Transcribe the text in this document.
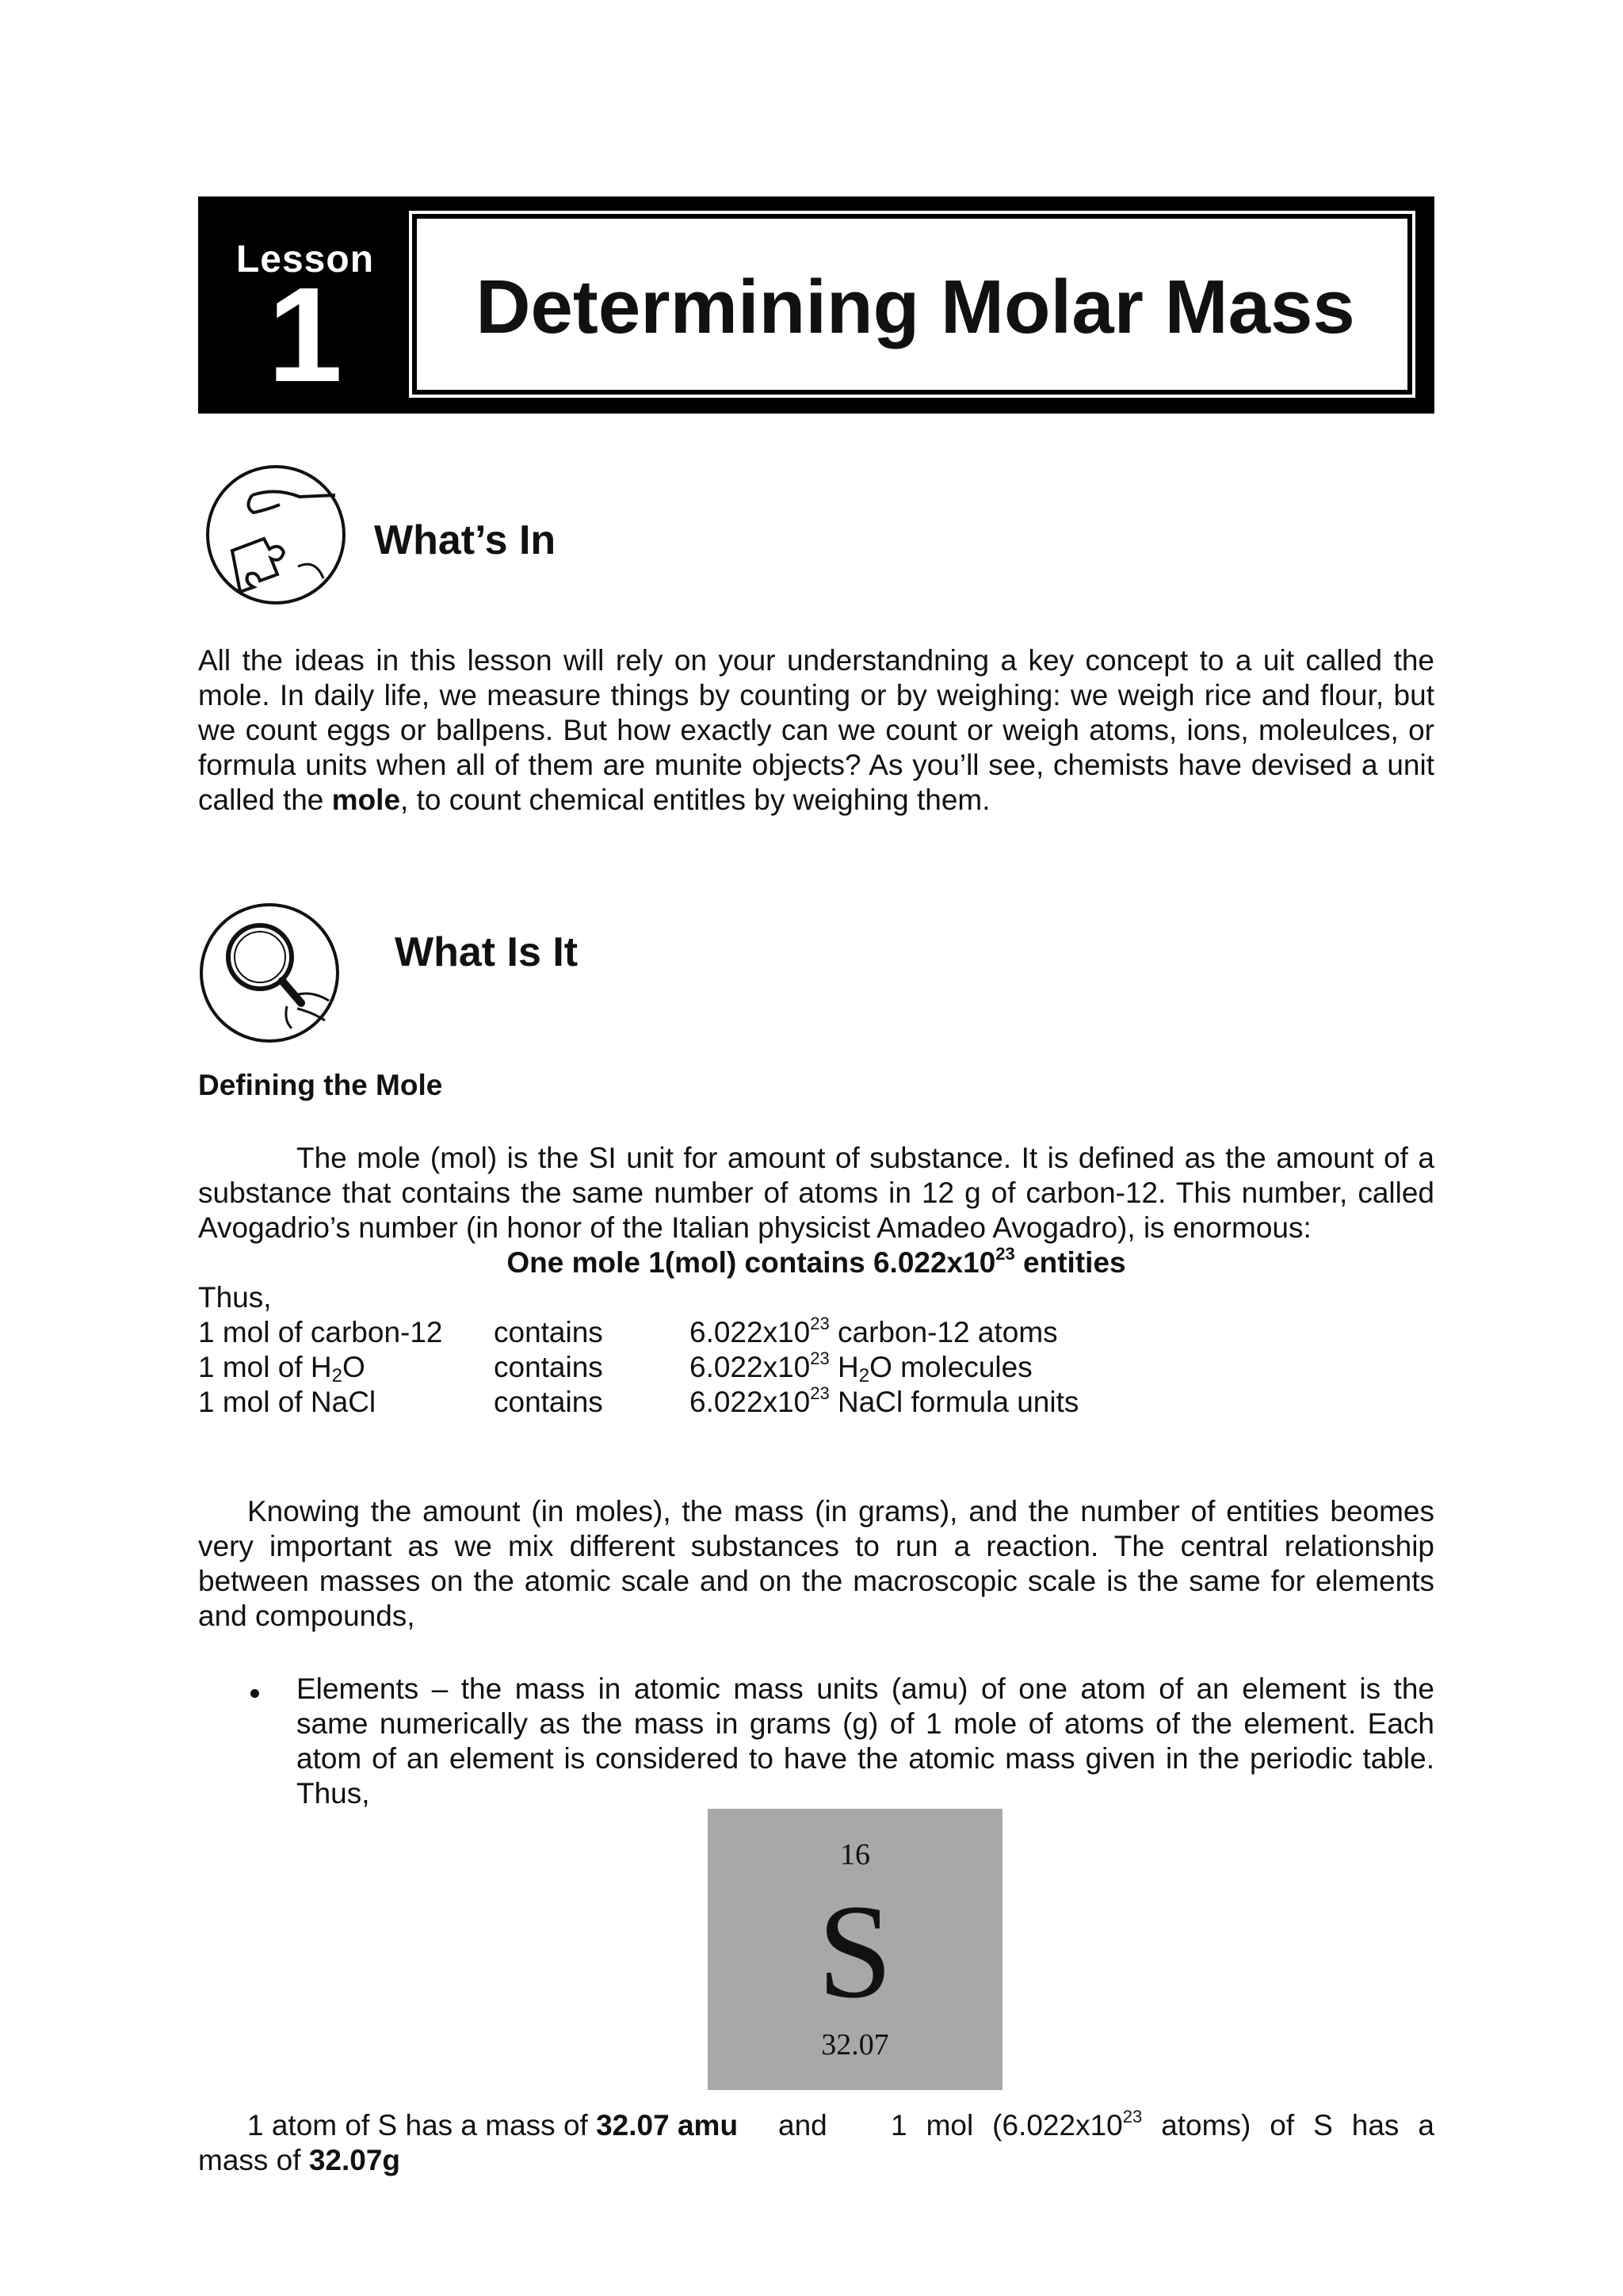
Lesson
1	Determining Molar Mass
What’s In
All the ideas in this lesson will rely on your understandning a key concept to a uit called the mole. In daily life, we measure things by counting or by weighing: we weigh rice and flour, but we count eggs or ballpens. But how exactly can we count or weigh atoms, ions, moleulces, or formula units when all of them are munite objects? As you’ll see, chemists have devised a unit called the mole, to count chemical entitles by weighing them.
What Is It
Defining the Mole
The mole (mol) is the SI unit for amount of substance. It is defined as the amount of a substance that contains the same number of atoms in 12 g of carbon-12. This number, called Avogadrio’s number (in honor of the Italian physicist Amadeo Avogadro), is enormous:
One mole 1(mol) contains $6.022x10^{23}$ entities
Thus,
1 mol of carbon-12 contains	$6.022x10^{23}$ carbon-12 atoms
1 mol of $H_2O$	contains	$6.022x10^{23}$ $H_2O$ molecules
1 mol of NaCl	contains	$6.022x10^{23}$ NaCl formula units
Knowing the amount (in moles), the mass (in grams), and the number of entities beomes very important as we mix different substances to run a reaction. The central relationship between masses on the atomic scale and on the macroscopic scale is the same for elements and compounds,
Elements – the mass in atomic mass units (amu) of one atom of an element is the same numerically as the mass in grams (g) of 1 mole of atoms of the element. Each atom of an element is considered to have the atomic mass given in the periodic table. Thus,
16
S
32.07
1 atom of S has a mass of 32.07 amu and 1 mol ($6.022x10^{23}$ atoms) of S has a
mass of 32.07g
